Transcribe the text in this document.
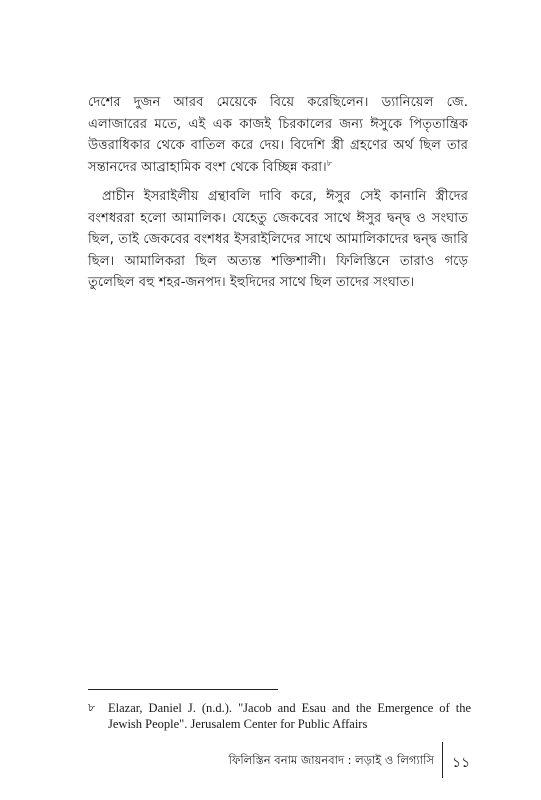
দেশের দুজন আরব মেয়েকে বিয়ে করেছিলেন। ড্যানিয়েল জে. এলাজারের মতে, এই এক কাজই চিরকালের জন্য ঈসুকে পিতৃতান্ত্রিক উত্তরাধিকার থেকে বাতিল করে দেয়। বিদেশি স্ত্রী গ্রহণের অর্থ ছিল তার সন্তানদের আব্রাহামিক বংশ থেকে বিচ্ছিন্ন করা।$^৮$

প্রাচীন ইসরাইলীয় গ্রন্থাবলি দাবি করে, ঈসুর সেই কানানি স্ত্রীদের বংশধররা হলো আমালিক। যেহেতু জেকবের সাথে ঈসুর দ্বন্দ্ব ও সংঘাত ছিল, তাই জেকবের বংশধর ইসরাইলিদের সাথে আমালিকাদের দ্বন্দ্ব জারি ছিল। আমালিকরা ছিল অত্যন্ত শক্তিশালী। ফিলিস্তিনে তারাও গড়ে তুলেছিল বহু শহর-জনপদ। ইহুদিদের সাথে ছিল তাদের সংঘাত।

৮	Elazar, Daniel J. (n.d.). "Jacob and Esau and the Emergence of the Jewish People". Jerusalem Center for Public Affairs
ফিলিস্তিন বনাম জায়নবাদ : লড়াই ও লিগ্যাসি ১১
